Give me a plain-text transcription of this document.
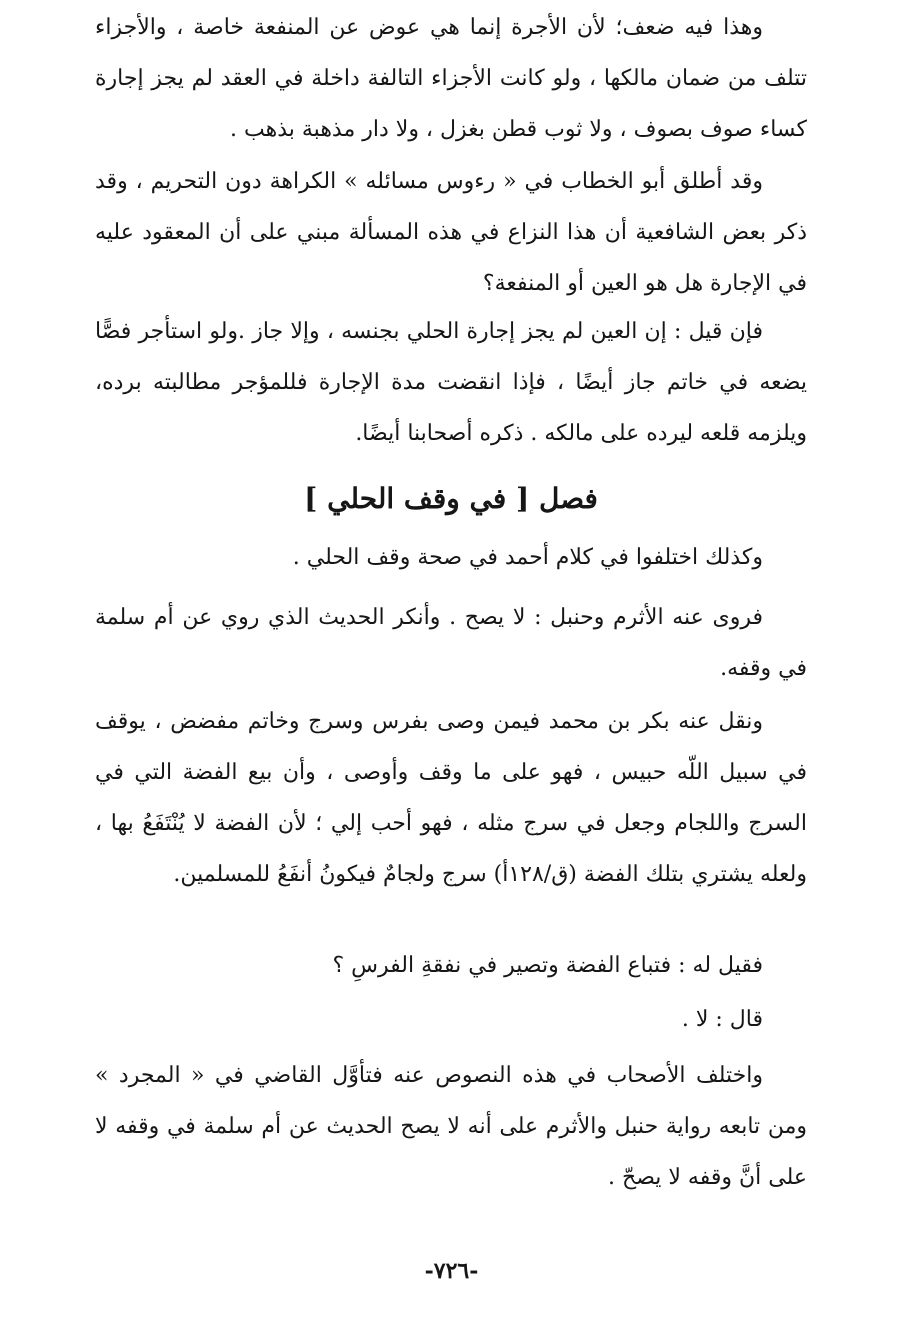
وهذا فيه ضعف؛ لأن الأجرة إنما هي عوض عن المنفعة خاصة ، والأجزاء تتلف من ضمان مالكها ، ولو كانت الأجزاء التالفة داخلة في العقد لم يجز إجارة كساء صوف بصوف ، ولا ثوب قطن بغزل ، ولا دار مذهبة بذهب .

وقد أطلق أبو الخطاب في « رءوس مسائله » الكراهة دون التحريم ، وقد ذكر بعض الشافعية أن هذا النزاع في هذه المسألة مبني على أن المعقود عليه في الإجارة هل هو العين أو المنفعة؟

فإن قيل : إن العين لم يجز إجارة الحلي بجنسه ، وإلا جاز .ولو استأجر فصًّا يضعه في خاتم جاز أيضًا ، فإذا انقضت مدة الإجارة فللمؤجر مطالبته برده، ويلزمه قلعه ليرده على مالكه . ذكره أصحابنا أيضًا.

فصل [ في وقف الحلي ]

وكذلك اختلفوا في كلام أحمد في صحة وقف الحلي .

فروى عنه الأثرم وحنبل : لا يصح . وأنكر الحديث الذي روي عن أم سلمة في وقفه.

ونقل عنه بكر بن محمد فيمن وصى بفرس وسرج وخاتم مفضض ، يوقف في سبيل اللّه حبيس ، فهو على ما وقف وأوصى ، وأن بيع الفضة التي في السرج واللجام وجعل في سرج مثله ، فهو أحب إلي ؛ لأن الفضة لا يُنْتَفَعُ بها ، ولعله يشتري بتلك الفضة (ق/١٢٨أ) سرج ولجامٌ فيكونُ أنفَعُ للمسلمين.

فقيل له : فتباع الفضة وتصير في نفقةِ الفرسِ ؟

قال : لا .

واختلف الأصحاب في هذه النصوص عنه فتأوَّل القاضي في « المجرد » ومن تابعه رواية حنبل والأثرم على أنه لا يصح الحديث عن أم سلمة في وقفه لا على أنَّ وقفه لا يصحّ .

-٧٢٦-
